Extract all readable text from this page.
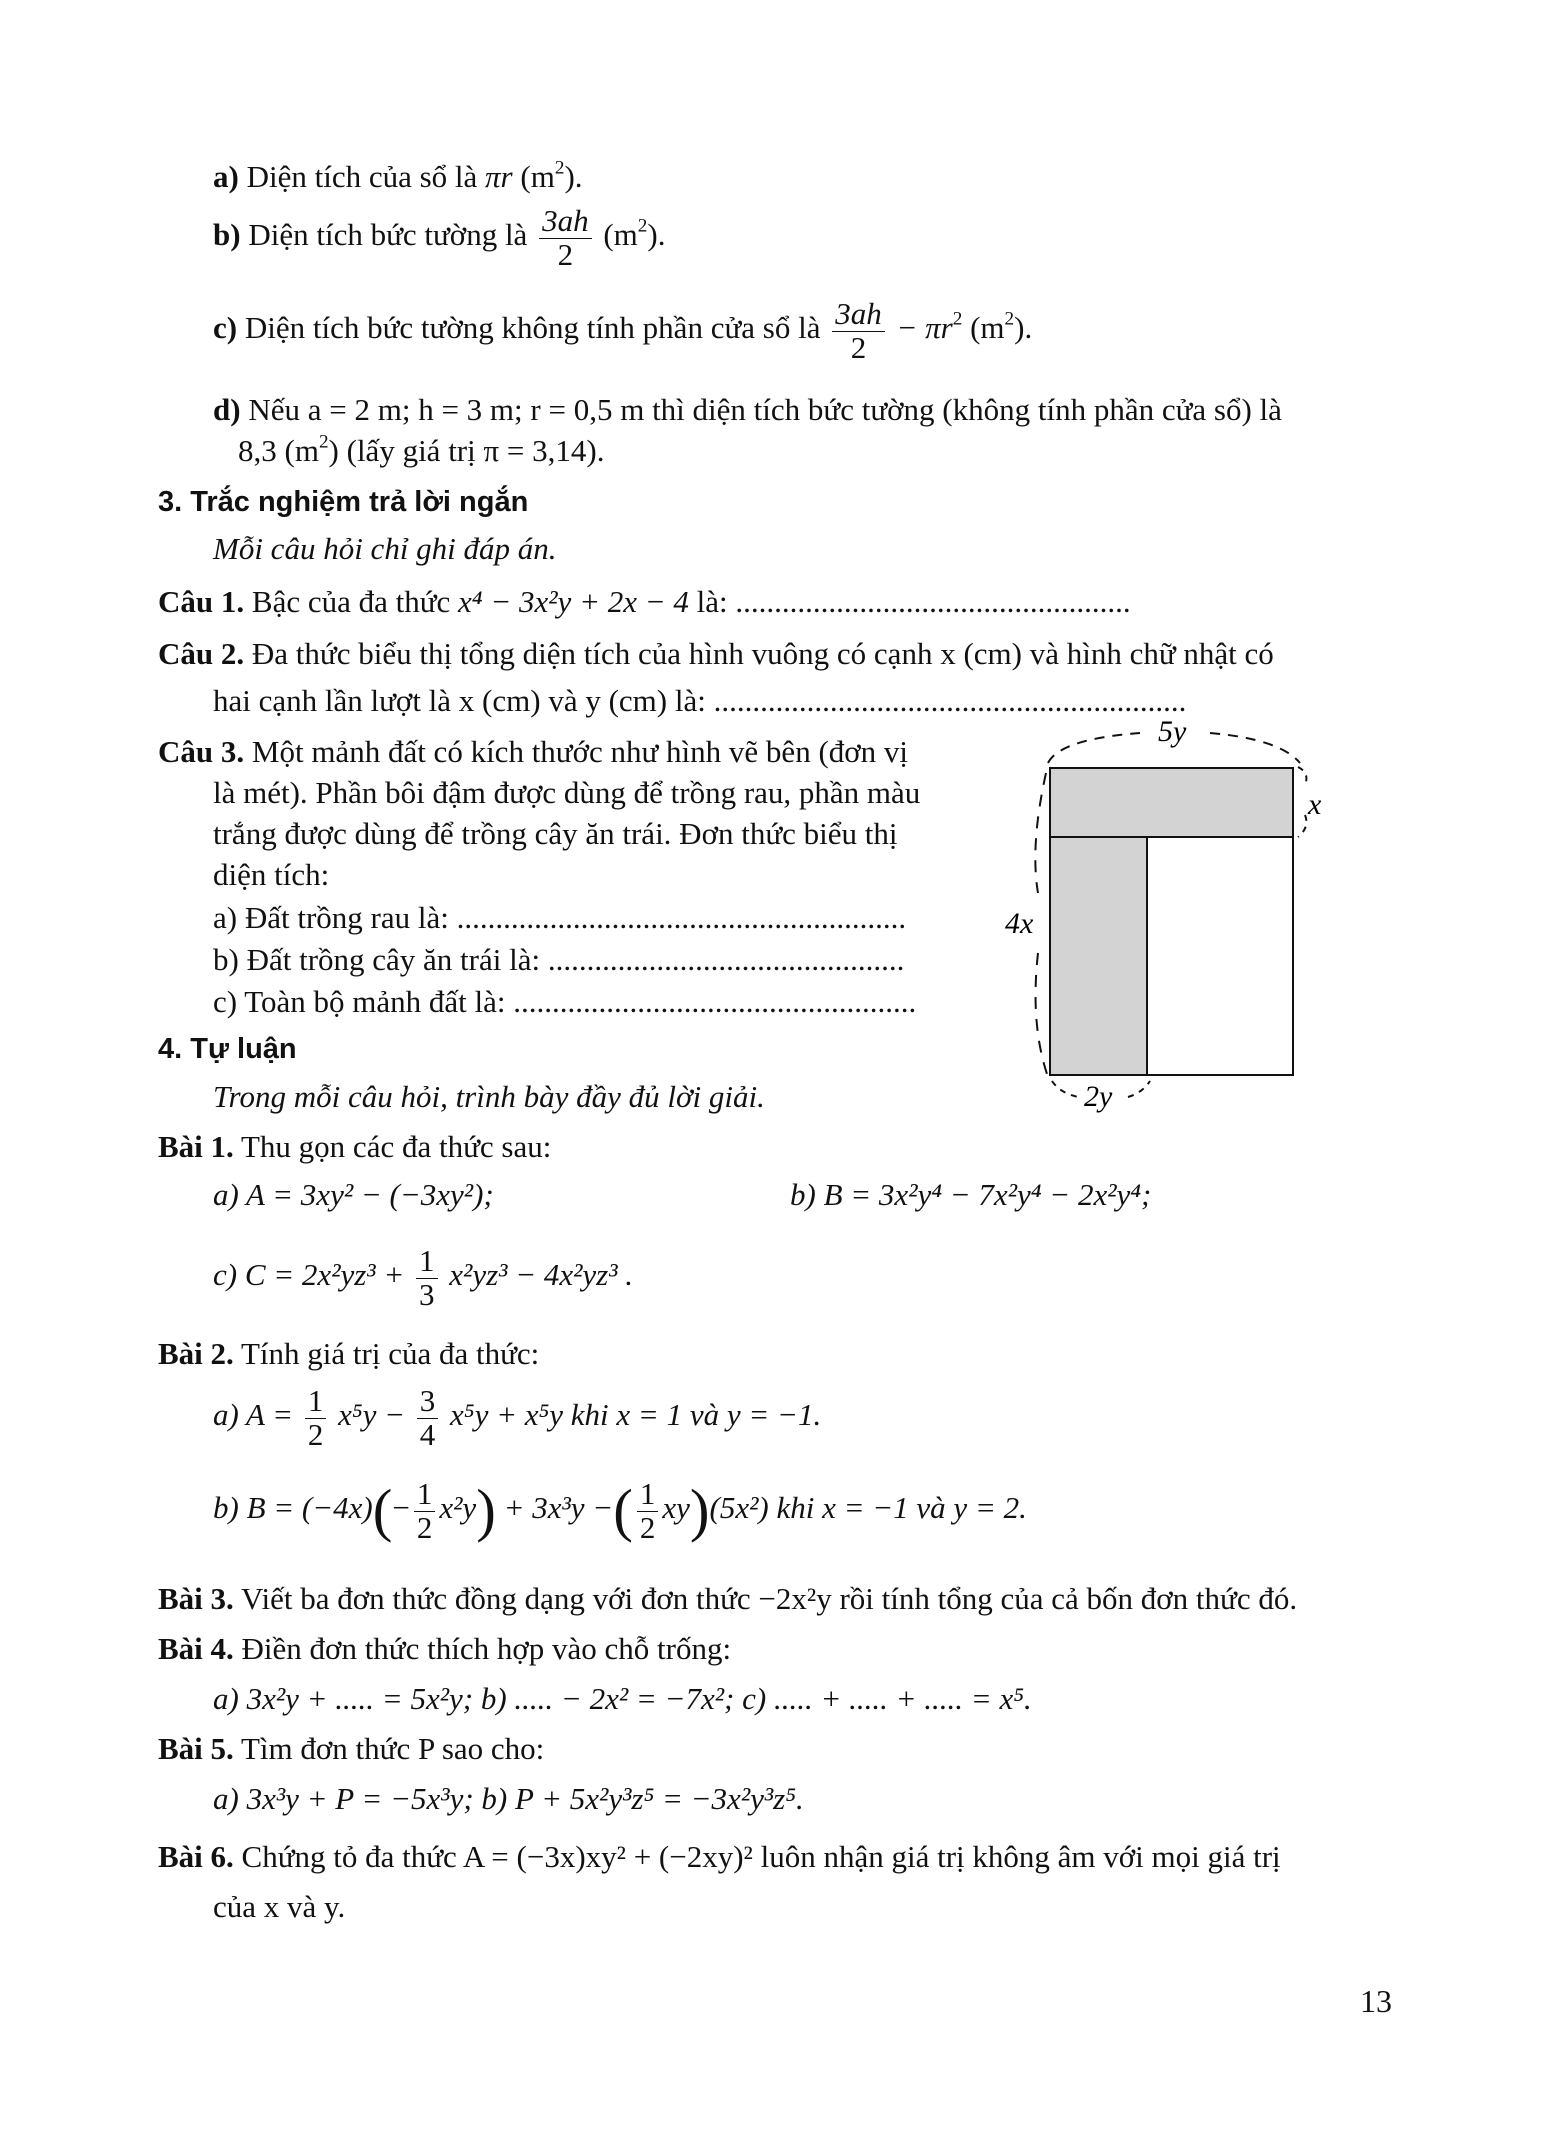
a) Diện tích của sổ là πr $(m^2)$.
b) Diện tích bức tường là $\frac{3ah}{2} (m^2)$.
c) Diện tích bức tường không tính phần cửa sổ là $\frac{3ah}{2} - \pi r^2$ $(m^2)$.
d) Nếu a = 2 m; h = 3 m; r = 0,5 m thì diện tích bức tường (không tính phần cửa sổ) là
8,3 $(m^2)$ (lấy giá trị π = 3,14).
3. Trắc nghiệm trả lời ngắn
Mỗi câu hỏi chỉ ghi đáp án.
Câu 1. Bậc của đa thức x⁴ − 3x²y + 2x − 4 là: ...................................................
Câu 2. Đa thức biểu thị tổng diện tích của hình vuông có cạnh x (cm) và hình chữ nhật có
hai cạnh lần lượt là x (cm) và y (cm) là: .............................................................
Câu 3. Một mảnh đất có kích thước như hình vẽ bên (đơn vị
là mét). Phần bôi đậm được dùng để trồng rau, phần màu
trắng được dùng để trồng cây ăn trái. Đơn thức biểu thị
diện tích:
a) Đất trồng rau là: ..........................................................
b) Đất trồng cây ăn trái là: ..............................................
c) Toàn bộ mảnh đất là: ....................................................
5y
x
4x
2y
4. Tự luận
Trong mỗi câu hỏi, trình bày đầy đủ lời giải.
Bài 1. Thu gọn các đa thức sau:
a) A = 3xy² − (−3xy²);	b) B = 3x²y⁴ − 7x²y⁴ − 2x²y⁴;
c) $C = 2x^2yz^3 + \frac{1}{3} x^2yz^3 - 4x^2yz^3$ .
Bài 2. Tính giá trị của đa thức:
a) $A = \frac{1}{2} x^5y - \frac{3}{4} x^5y + x^5y$ khi x = 1 và y = −1.
b) $B = (-4x)(- \frac{1}{2} x^2y) + 3x^3y$ −( $\frac{1}{2} xy)(5x^2)$ khi x = −1 và y = 2.
Bài 3. Viết ba đơn thức đồng dạng với đơn thức −2x²y rồi tính tổng của cả bốn đơn thức đó.
Bài 4. Điền đơn thức thích hợp vào chỗ trống:
a) 3x²y + ..... = 5x²y; b) ..... − 2x² = −7x²; c) ..... + ..... + ..... = x⁵.
Bài 5. Tìm đơn thức P sao cho:
a) 3x³y + P = −5x³y; b) P + 5x²y³z⁵ = −3x²y³z⁵.
Bài 6. Chứng tỏ đa thức A = (−3x)xy² + (−2xy)² luôn nhận giá trị không âm với mọi giá trị
của x và y.
13
